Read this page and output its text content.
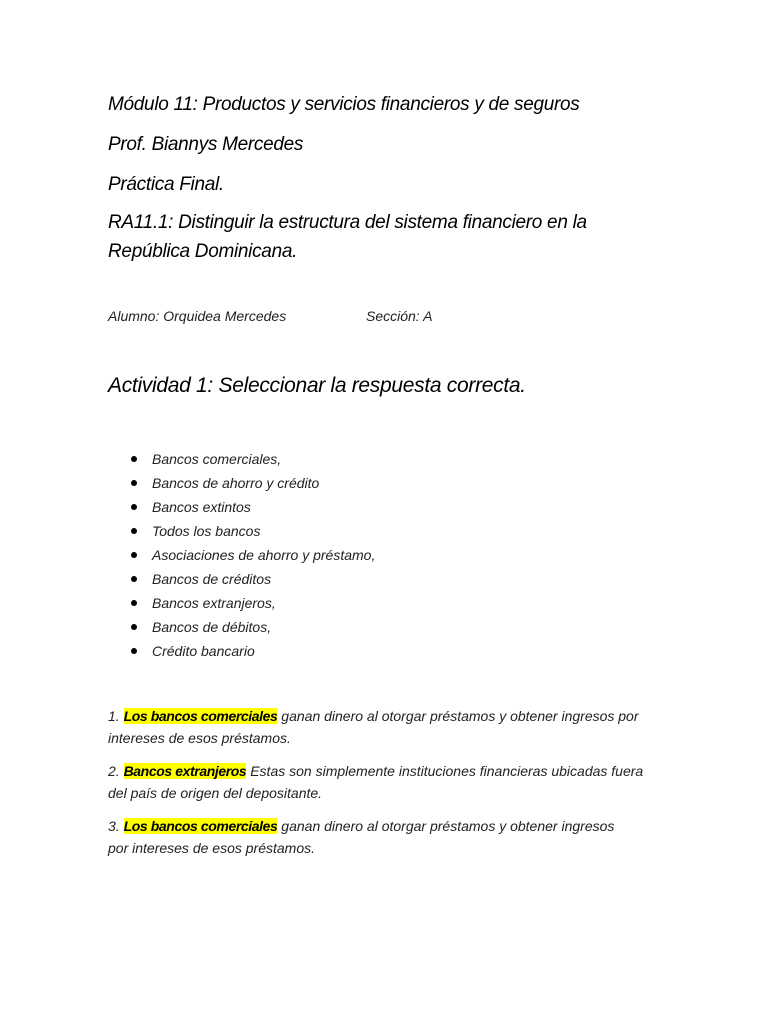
Módulo 11: Productos y servicios financieros y de seguros
Prof. Biannys Mercedes
Práctica Final.
RA11.1: Distinguir la estructura del sistema financiero en la
República Dominicana.
Alumno: Orquidea Mercedes	Sección: A
Actividad 1: Seleccionar la respuesta correcta.
Bancos comerciales,
Bancos de ahorro y crédito
Bancos extintos
Todos los bancos
Asociaciones de ahorro y préstamo,
Bancos de créditos
Bancos extranjeros,
Bancos de débitos,
Crédito bancario
1. Los bancos comerciales ganan dinero al otorgar préstamos y obtener ingresos por
intereses de esos préstamos.
2. Bancos extranjeros Estas son simplemente instituciones financieras ubicadas fuera
del país de origen del depositante.
3. Los bancos comerciales ganan dinero al otorgar préstamos y obtener ingresos
por intereses de esos préstamos.
